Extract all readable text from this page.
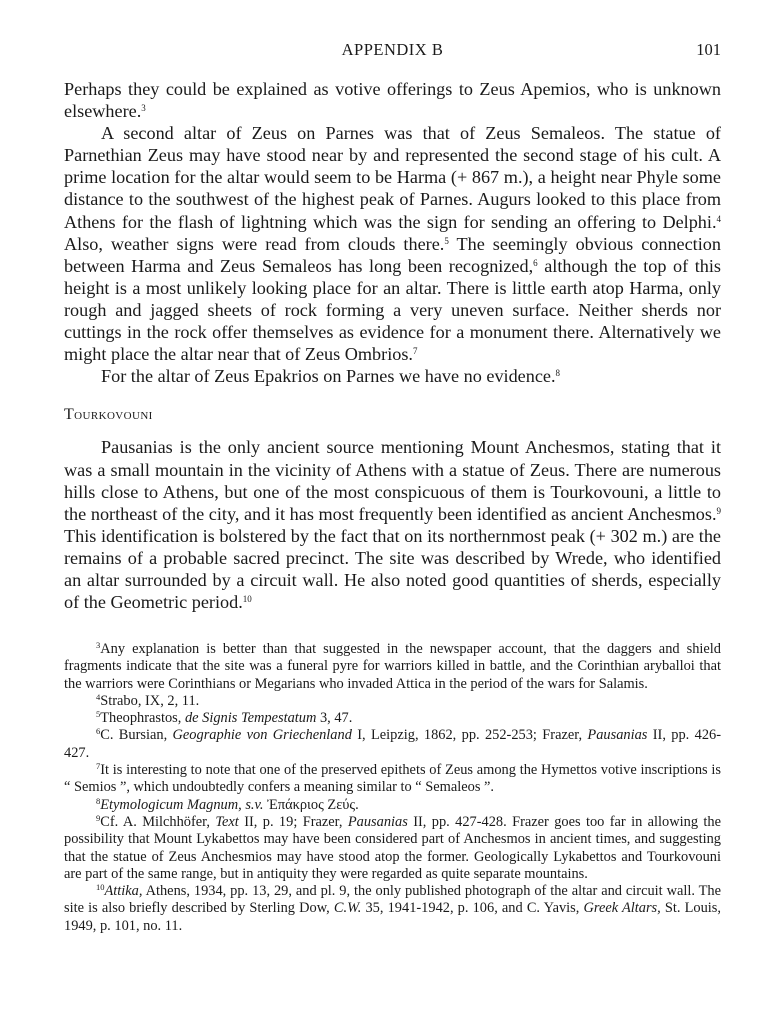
APPENDIX B	101

Perhaps they could be explained as votive offerings to Zeus Apemios, who is unknown elsewhere.$^3$

A second altar of Zeus on Parnes was that of Zeus Semaleos. The statue of Parnethian Zeus may have stood near by and represented the second stage of his cult. A prime location for the altar would seem to be Harma (+ 867 m.), a height near Phyle some distance to the southwest of the highest peak of Parnes. Augurs looked to this place from Athens for the flash of lightning which was the sign for sending an offering to Delphi.$^4$ Also, weather signs were read from clouds there.$^5$ The seemingly obvious connection between Harma and Zeus Semaleos has long been recognized,$^6$ although the top of this height is a most unlikely looking place for an altar. There is little earth atop Harma, only rough and jagged sheets of rock forming a very uneven surface. Neither sherds nor cuttings in the rock offer themselves as evidence for a monument there. Alternatively we might place the altar near that of Zeus Ombrios.$^7$

For the altar of Zeus Epakrios on Parnes we have no evidence.$^8$

Tourkovouni

Pausanias is the only ancient source mentioning Mount Anchesmos, stating that it was a small mountain in the vicinity of Athens with a statue of Zeus. There are numerous hills close to Athens, but one of the most conspicuous of them is Tourkovouni, a little to the northeast of the city, and it has most frequently been identified as ancient Anchesmos.$^9$ This identification is bolstered by the fact that on its northernmost peak (+ 302 m.) are the remains of a probable sacred precinct. The site was described by Wrede, who identified an altar surrounded by a circuit wall. He also noted good quantities of sherds, especially of the Geometric period.$^{10}$

$^3$Any explanation is better than that suggested in the newspaper account, that the daggers and shield fragments indicate that the site was a funeral pyre for warriors killed in battle, and the Corinthian aryballoi that the warriors were Corinthians or Megarians who invaded Attica in the period of the wars for Salamis.

$^4$Strabo, IX, 2, 11.

$^5$Theophrastos, de Signis Tempestatum 3, 47.

$^6$C. Bursian, Geographie von Griechenland I, Leipzig, 1862, pp. 252-253; Frazer, Pausanias II, pp. 426-427.

$^7$It is interesting to note that one of the preserved epithets of Zeus among the Hymettos votive inscriptions is “ Semios ”, which undoubtedly confers a meaning similar to “ Semaleos ”.

$^8$Etymologicum Magnum, s.v. Ἐπάκριος Ζεύς.

$^9$Cf. A. Milchhöfer, Text II, p. 19; Frazer, Pausanias II, pp. 427-428. Frazer goes too far in allowing the possibility that Mount Lykabettos may have been considered part of Anchesmos in ancient times, and suggesting that the statue of Zeus Anchesmios may have stood atop the former. Geologically Lykabettos and Tourkovouni are part of the same range, but in antiquity they were regarded as quite separate mountains.

$^{10}$Attika, Athens, 1934, pp. 13, 29, and pl. 9, the only published photograph of the altar and circuit wall. The site is also briefly described by Sterling Dow, C.W. 35, 1941-1942, p. 106, and C. Yavis, Greek Altars, St. Louis, 1949, p. 101, no. 11.
